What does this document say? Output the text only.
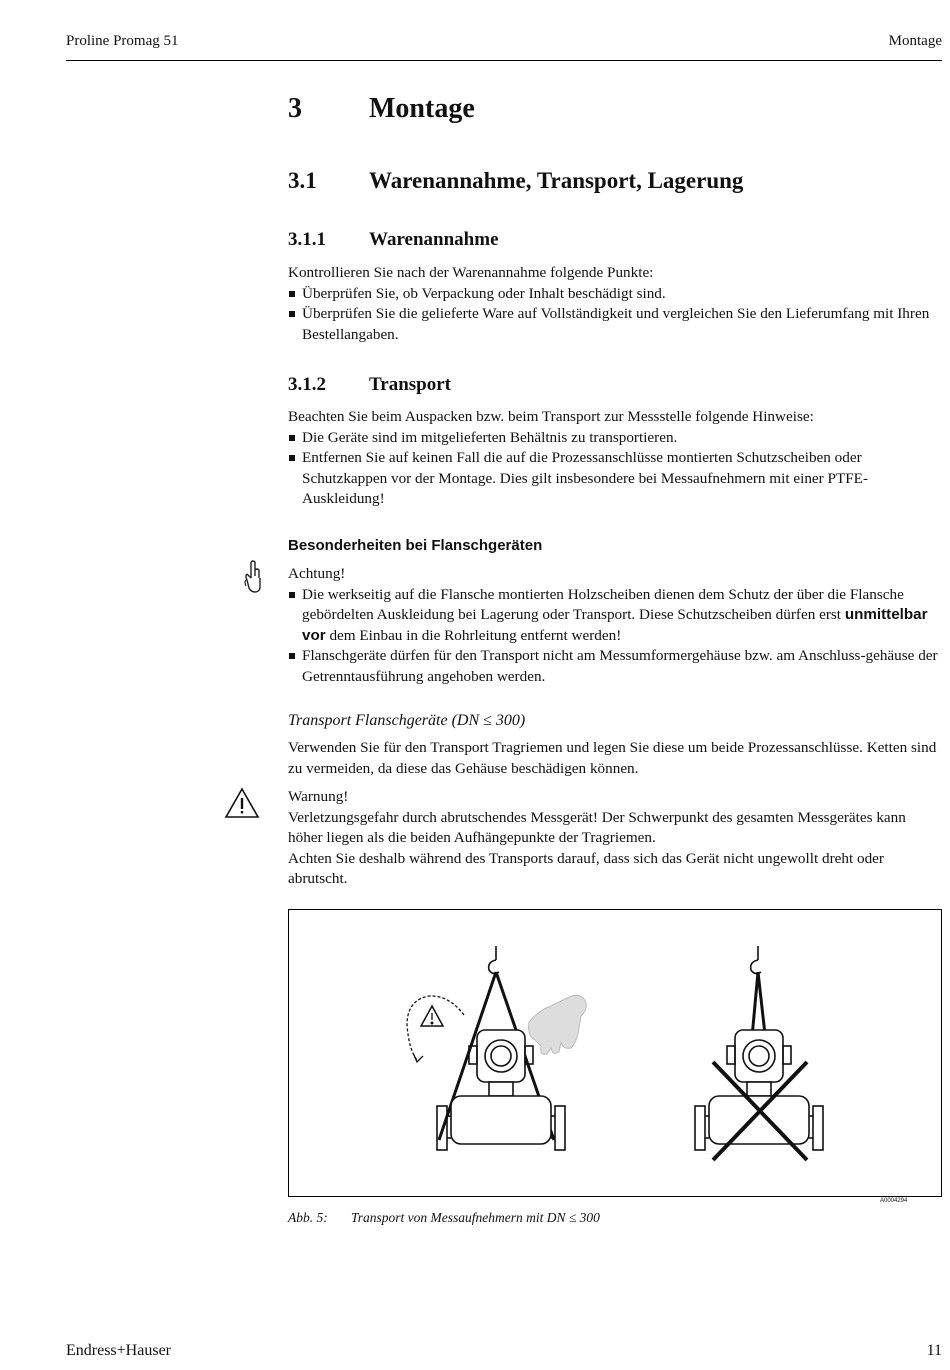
Proline Promag 51	Montage
3 Montage
3.1 Warenannahme, Transport, Lagerung
3.1.1 Warenannahme
Kontrollieren Sie nach der Warenannahme folgende Punkte:
Überprüfen Sie, ob Verpackung oder Inhalt beschädigt sind.
Überprüfen Sie die gelieferte Ware auf Vollständigkeit und vergleichen Sie den Lieferumfang mit Ihren Bestellangaben.
3.1.2 Transport
Beachten Sie beim Auspacken bzw. beim Transport zur Messstelle folgende Hinweise:
Die Geräte sind im mitgelieferten Behältnis zu transportieren.
Entfernen Sie auf keinen Fall die auf die Prozessanschlüsse montierten Schutzscheiben oder Schutzkappen vor der Montage. Dies gilt insbesondere bei Messaufnehmern mit einer PTFE-Auskleidung!
Besonderheiten bei Flanschgeräten
Achtung!
Die werkseitig auf die Flansche montierten Holzscheiben dienen dem Schutz der über die Flansche gebördelten Auskleidung bei Lagerung oder Transport. Diese Schutzscheiben dürfen erst unmittelbar vor dem Einbau in die Rohrleitung entfernt werden!
Flanschgeräte dürfen für den Transport nicht am Messumformergehäuse bzw. am Anschluss-gehäuse der Getrenntausführung angehoben werden.
Transport Flanschgeräte (DN ≤ 300)
Verwenden Sie für den Transport Tragriemen und legen Sie diese um beide Prozessanschlüsse. Ketten sind zu vermeiden, da diese das Gehäuse beschädigen können.
Warnung!
Verletzungsgefahr durch abrutschendes Messgerät! Der Schwerpunkt des gesamten Messgerätes kann höher liegen als die beiden Aufhängepunkte der Tragriemen.
Achten Sie deshalb während des Transports darauf, dass sich das Gerät nicht ungewollt dreht oder abrutscht.
A0004294
Abb. 5: Transport von Messaufnehmern mit DN ≤ 300
Endress+Hauser	11
